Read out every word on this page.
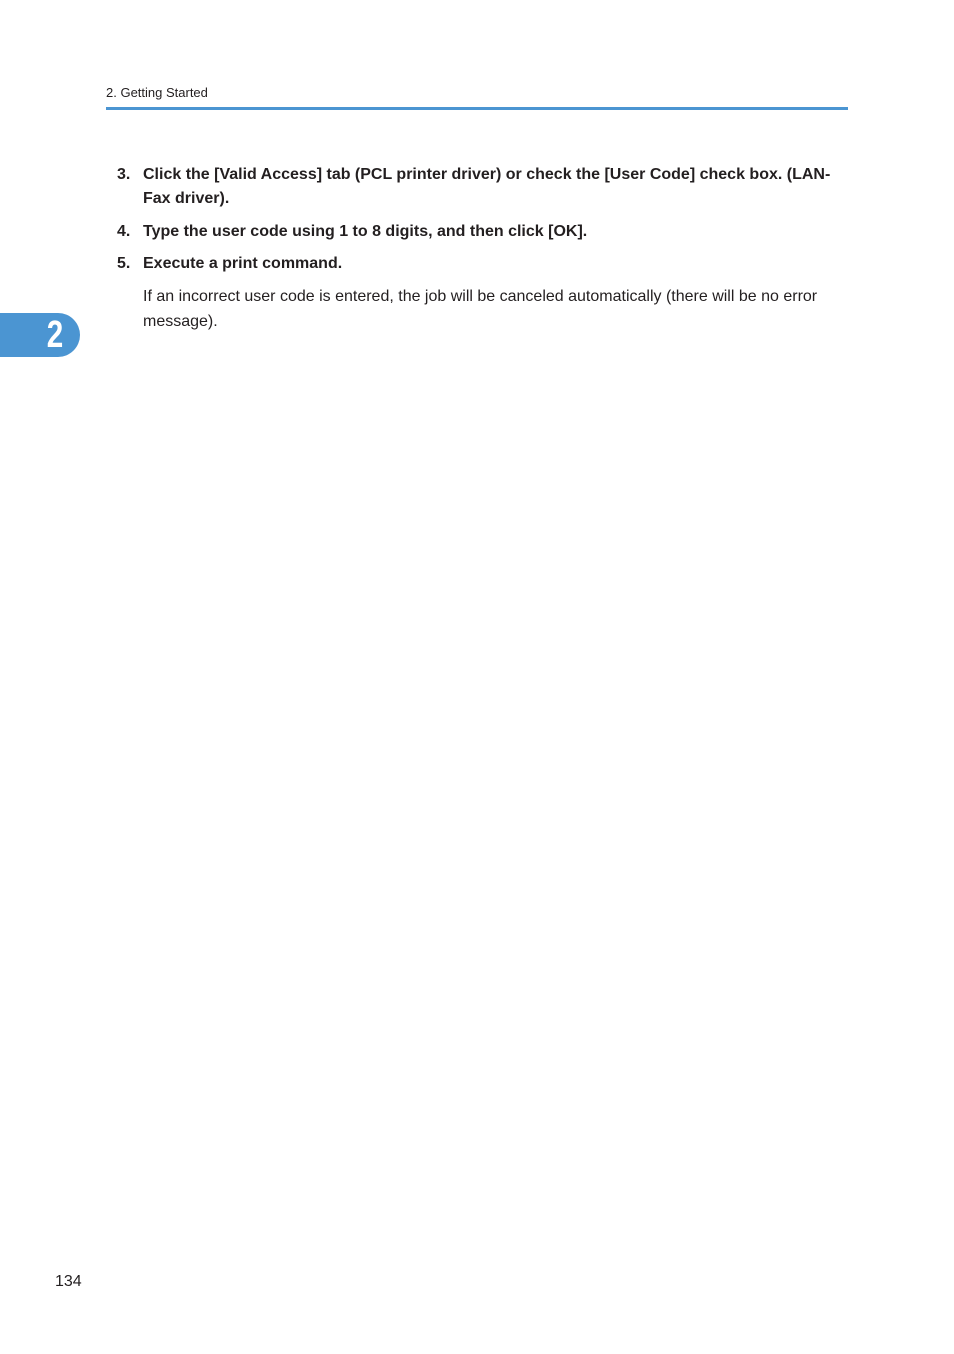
2. Getting Started
2
3. Click the [Valid Access] tab (PCL printer driver) or check the [User Code] check box. (LAN-Fax driver).
4. Type the user code using 1 to 8 digits, and then click [OK].
5. Execute a print command.
If an incorrect user code is entered, the job will be canceled automatically (there will be no error message).
134
